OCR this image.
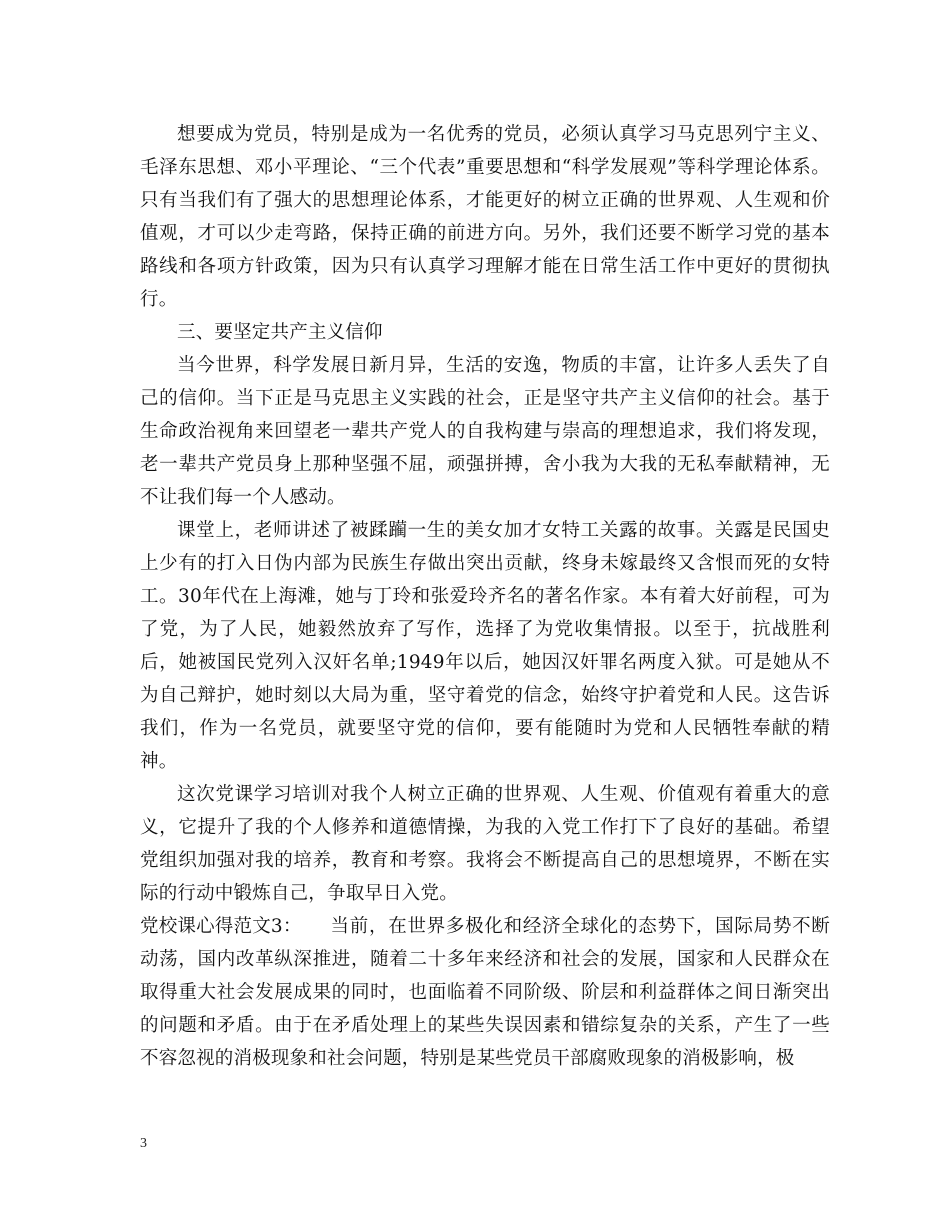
想要成为党员，特别是成为一名优秀的党员，必须认真学习马克思列宁主义、毛泽东思想、邓小平理论、“三个代表”重要思想和“科学发展观”等科学理论体系。只有当我们有了强大的思想理论体系，才能更好的树立正确的世界观、人生观和价值观，才可以少走弯路，保持正确的前进方向。另外，我们还要不断学习党的基本路线和各项方针政策，因为只有认真学习理解才能在日常生活工作中更好的贯彻执行。

三、要坚定共产主义信仰

当今世界，科学发展日新月异，生活的安逸，物质的丰富，让许多人丢失了自己的信仰。当下正是马克思主义实践的社会，正是坚守共产主义信仰的社会。基于生命政治视角来回望老一辈共产党人的自我构建与崇高的理想追求，我们将发现，老一辈共产党员身上那种坚强不屈，顽强拼搏，舍小我为大我的无私奉献精神，无不让我们每一个人感动。

课堂上，老师讲述了被蹂躏一生的美女加才女特工关露的故事。关露是民国史上少有的打入日伪内部为民族生存做出突出贡献，终身未嫁最终又含恨而死的女特工。30年代在上海滩，她与丁玲和张爱玲齐名的著名作家。本有着大好前程，可为了党，为了人民，她毅然放弃了写作，选择了为党收集情报。以至于，抗战胜利后，她被国民党列入汉奸名单;1949年以后，她因汉奸罪名两度入狱。可是她从不为自己辩护，她时刻以大局为重，坚守着党的信念，始终守护着党和人民。这告诉我们，作为一名党员，就要坚守党的信仰，要有能随时为党和人民牺牲奉献的精神。

这次党课学习培训对我个人树立正确的世界观、人生观、价值观有着重大的意义，它提升了我的个人修养和道德情操，为我的入党工作打下了良好的基础。希望党组织加强对我的培养，教育和考察。我将会不断提高自己的思想境界，不断在实际的行动中锻炼自己，争取早日入党。

党校课心得范文3： 当前，在世界多极化和经济全球化的态势下，国际局势不断动荡，国内改革纵深推进，随着二十多年来经济和社会的发展，国家和人民群众在取得重大社会发展成果的同时，也面临着不同阶级、阶层和利益群体之间日渐突出的问题和矛盾。由于在矛盾处理上的某些失误因素和错综复杂的关系，产生了一些不容忽视的消极现象和社会问题，特别是某些党员干部腐败现象的消极影响，极

3
